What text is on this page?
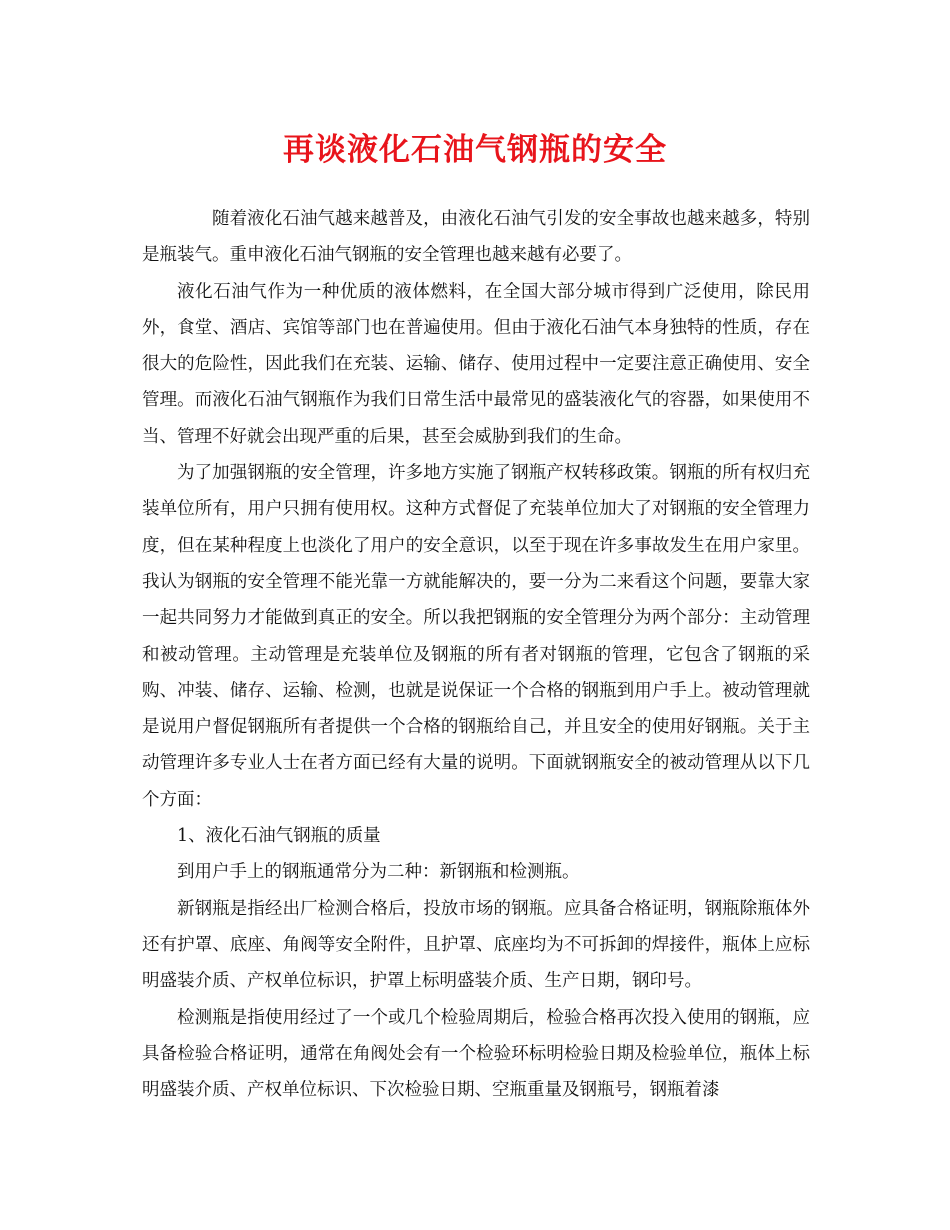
再谈液化石油气钢瓶的安全

随着液化石油气越来越普及，由液化石油气引发的安全事故也越来越多，特别是瓶装气。重申液化石油气钢瓶的安全管理也越来越有必要了。

液化石油气作为一种优质的液体燃料，在全国大部分城市得到广泛使用，除民用外，食堂、酒店、宾馆等部门也在普遍使用。但由于液化石油气本身独特的性质，存在很大的危险性，因此我们在充装、运输、储存、使用过程中一定要注意正确使用、安全管理。而液化石油气钢瓶作为我们日常生活中最常见的盛装液化气的容器，如果使用不当、管理不好就会出现严重的后果，甚至会威胁到我们的生命。

为了加强钢瓶的安全管理，许多地方实施了钢瓶产权转移政策。钢瓶的所有权归充装单位所有，用户只拥有使用权。这种方式督促了充装单位加大了对钢瓶的安全管理力度，但在某种程度上也淡化了用户的安全意识，以至于现在许多事故发生在用户家里。我认为钢瓶的安全管理不能光靠一方就能解决的，要一分为二来看这个问题，要靠大家一起共同努力才能做到真正的安全。所以我把钢瓶的安全管理分为两个部分：主动管理和被动管理。主动管理是充装单位及钢瓶的所有者对钢瓶的管理，它包含了钢瓶的采购、冲装、储存、运输、检测，也就是说保证一个合格的钢瓶到用户手上。被动管理就是说用户督促钢瓶所有者提供一个合格的钢瓶给自己，并且安全的使用好钢瓶。关于主动管理许多专业人士在者方面已经有大量的说明。下面就钢瓶安全的被动管理从以下几个方面：

1、液化石油气钢瓶的质量

到用户手上的钢瓶通常分为二种：新钢瓶和检测瓶。

新钢瓶是指经出厂检测合格后，投放市场的钢瓶。应具备合格证明，钢瓶除瓶体外还有护罩、底座、角阀等安全附件，且护罩、底座均为不可拆卸的焊接件，瓶体上应标明盛装介质、产权单位标识，护罩上标明盛装介质、生产日期，钢印号。

检测瓶是指使用经过了一个或几个检验周期后，检验合格再次投入使用的钢瓶，应具备检验合格证明，通常在角阀处会有一个检验环标明检验日期及检验单位，瓶体上标明盛装介质、产权单位标识、下次检验日期、空瓶重量及钢瓶号，钢瓶着漆
